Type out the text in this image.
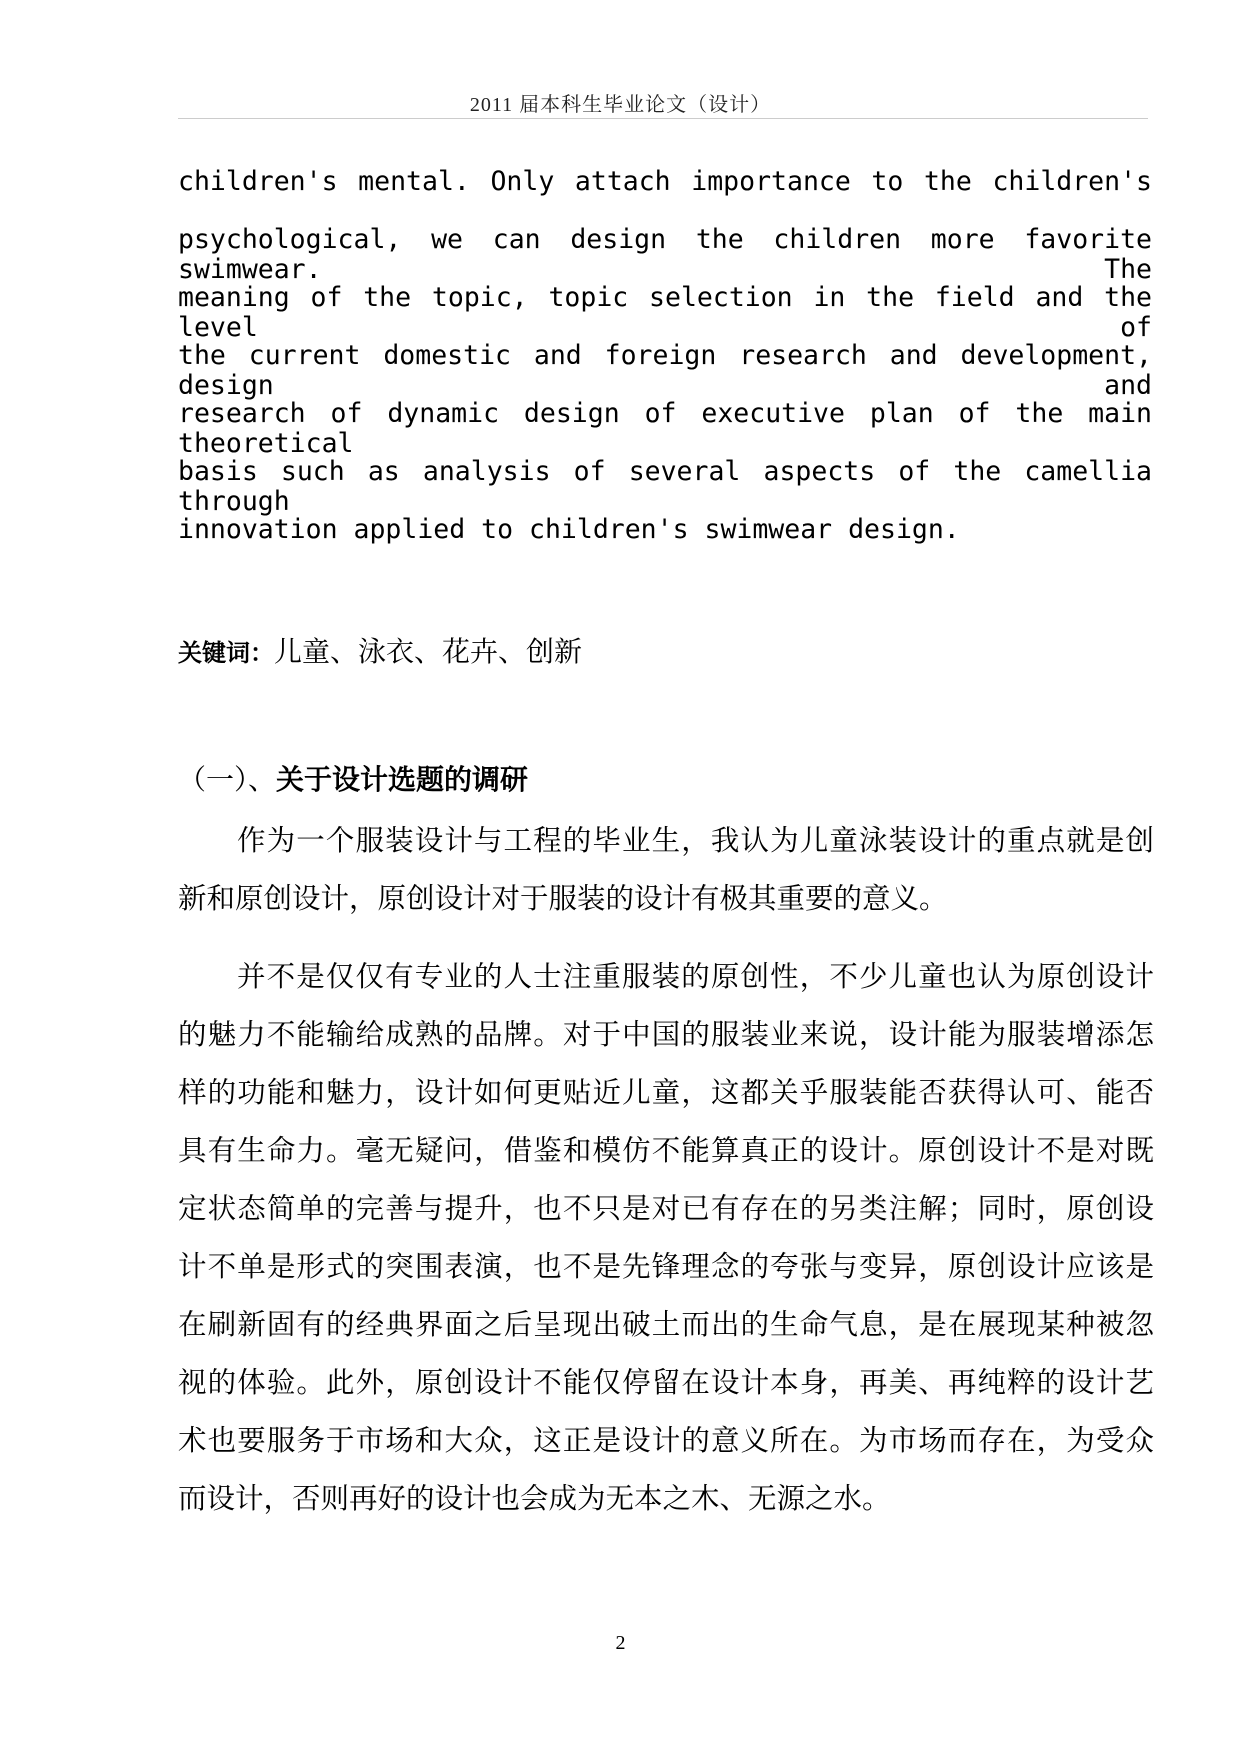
2011 届本科生毕业论文（设计）
children's mental. Only attach importance to the children's
psychological, we can design the children more favorite swimwear. The
meaning of the topic, topic selection in the field and the level of
the current domestic and foreign research and development, design and
research of dynamic design of executive plan of the main theoretical
basis such as analysis of several aspects of the camellia through
innovation applied to children's swimwear design.
关键词：儿童、泳衣、花卉、创新
（一）、关于设计选题的调研
作为一个服装设计与工程的毕业生，我认为儿童泳装设计的重点就是创
新和原创设计，原创设计对于服装的设计有极其重要的意义。
并不是仅仅有专业的人士注重服装的原创性，不少儿童也认为原创设计
的魅力不能输给成熟的品牌。对于中国的服装业来说，设计能为服装增添怎
样的功能和魅力，设计如何更贴近儿童，这都关乎服装能否获得认可、能否
具有生命力。毫无疑问，借鉴和模仿不能算真正的设计。原创设计不是对既
定状态简单的完善与提升，也不只是对已有存在的另类注解；同时，原创设
计不单是形式的突围表演，也不是先锋理念的夸张与变异，原创设计应该是
在刷新固有的经典界面之后呈现出破土而出的生命气息，是在展现某种被忽
视的体验。此外，原创设计不能仅停留在设计本身，再美、再纯粹的设计艺
术也要服务于市场和大众，这正是设计的意义所在。为市场而存在，为受众
而设计，否则再好的设计也会成为无本之木、无源之水。
2
